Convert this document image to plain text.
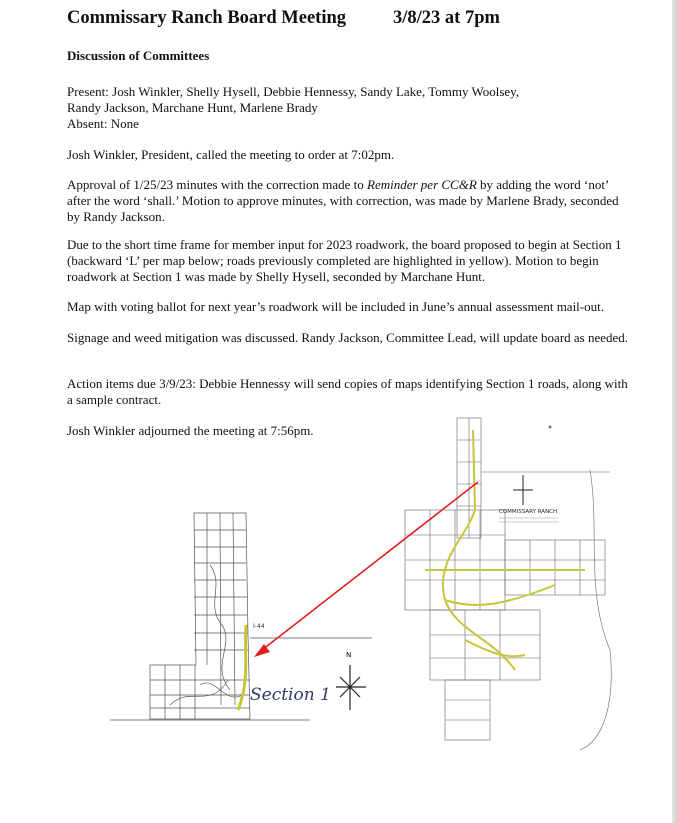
Commissary Ranch Board Meeting	3/8/23 at 7pm
Discussion of Committees

Present: Josh Winkler, Shelly Hysell, Debbie Hennessy, Sandy Lake, Tommy Woolsey,

Randy Jackson, Marchane Hunt, Marlene Brady

Absent: None

Josh Winkler, President, called the meeting to order at 7:02pm.
Approval of 1/25/23 minutes with the correction made to Reminder per CC&R by adding the word ‘not’ after the word ‘shall.’ Motion to approve minutes, with correction, was made by Marlene Brady, seconded by Randy Jackson.
Due to the short time frame for member input for 2023 roadwork, the board proposed to begin at Section 1 (backward ‘L’ per map below; roads previously completed are highlighted in yellow). Motion to begin roadwork at Section 1 was made by Shelly Hysell, seconded by Marchane Hunt.
Map with voting ballot for next year’s roadwork will be included in June’s annual assessment mail-out.
Signage and weed mitigation was discussed. Randy Jackson, Committee Lead, will update board as needed.
Action items due 3/9/23: Debbie Hennessy will send copies of maps identifying Section 1 roads, along with a sample contract.
Josh Winkler adjourned the meeting at 7:56pm.
I-44
Section 1
N
COMMISSARY RANCH
